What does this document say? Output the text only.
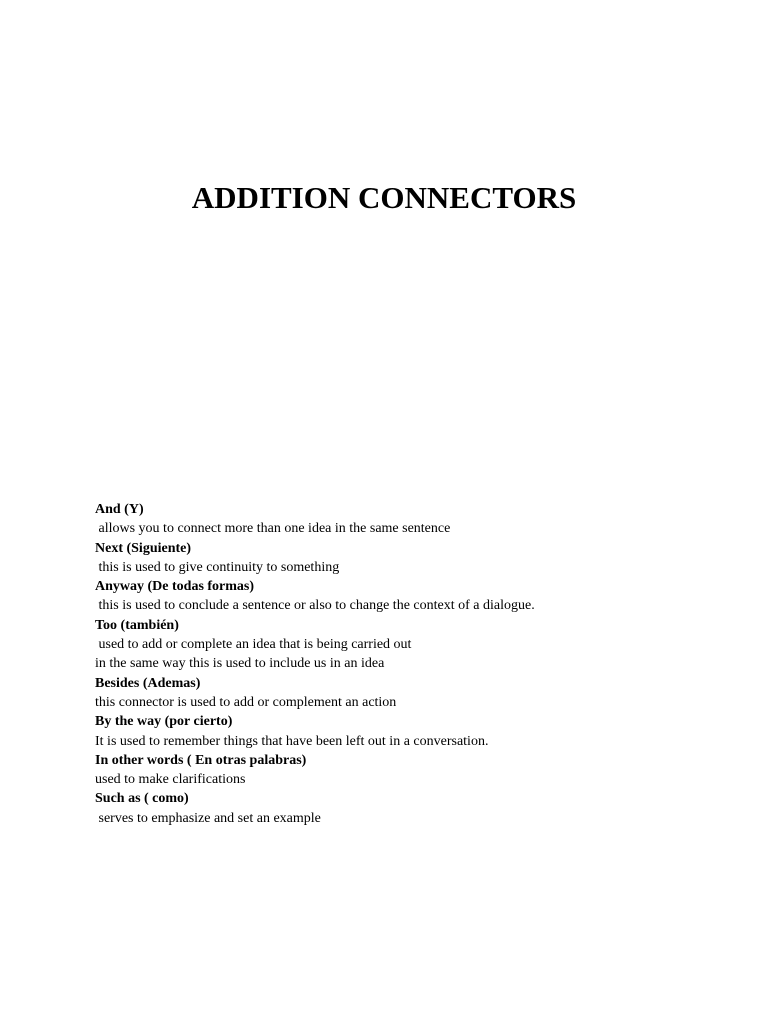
ADDITION CONNECTORS

And (Y)

allows you to connect more than one idea in the same sentence

Next (Siguiente)

this is used to give continuity to something

Anyway (De todas formas)

this is used to conclude a sentence or also to change the context of a dialogue.

Too (también)

used to add or complete an idea that is being carried out

in the same way this is used to include us in an idea

Besides (Ademas)

this connector is used to add or complement an action

By the way (por cierto)

It is used to remember things that have been left out in a conversation.

In other words ( En otras palabras)

used to make clarifications

Such as ( como)

serves to emphasize and set an example
